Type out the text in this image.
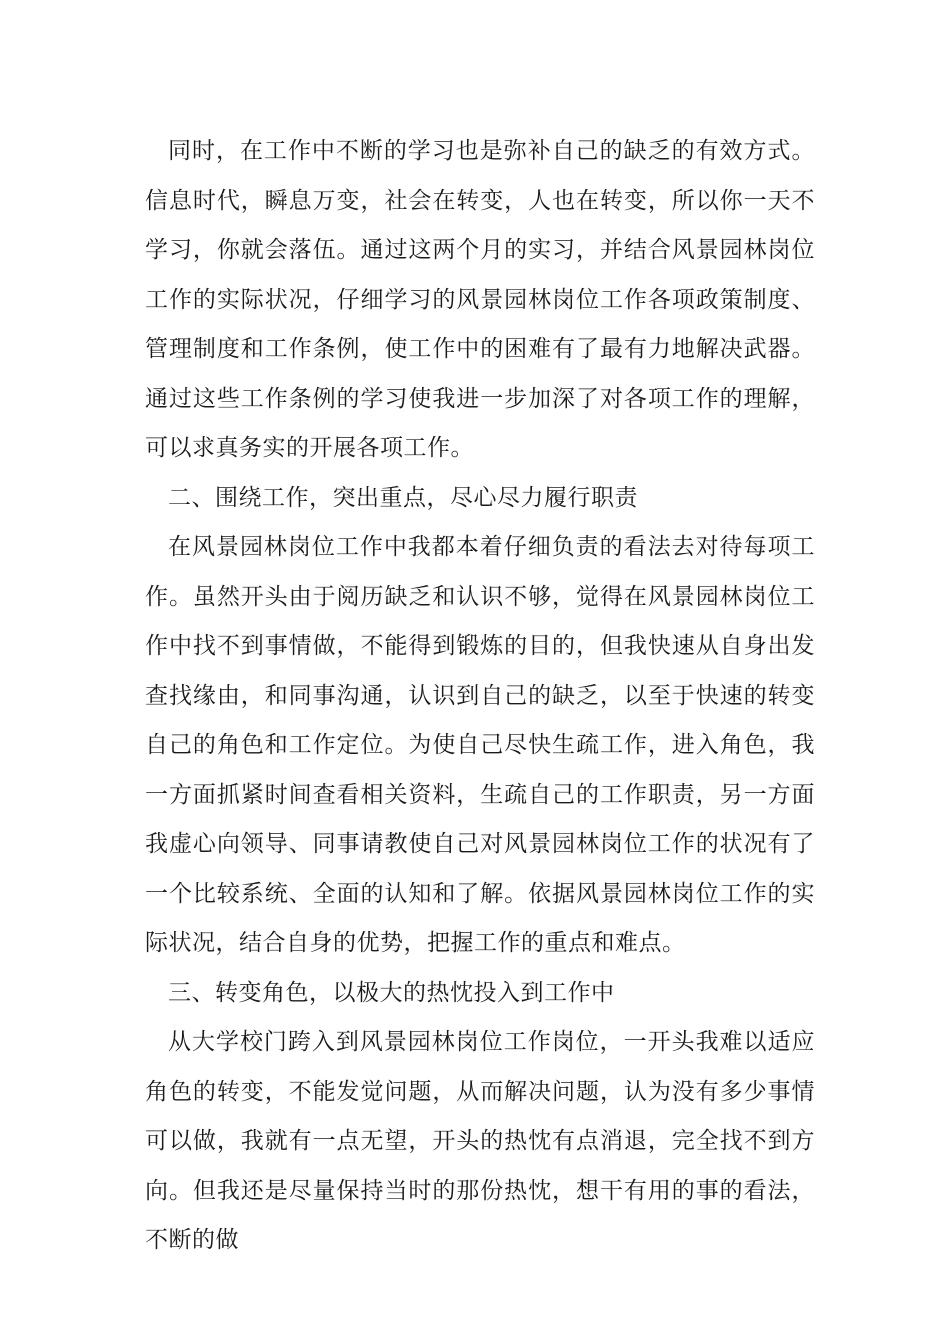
同时，在工作中不断的学习也是弥补自己的缺乏的有效方式。信息时代，瞬息万变，社会在转变，人也在转变，所以你一天不学习，你就会落伍。通过这两个月的实习，并结合风景园林岗位工作的实际状况，仔细学习的风景园林岗位工作各项政策制度、管理制度和工作条例，使工作中的困难有了最有力地解决武器。通过这些工作条例的学习使我进一步加深了对各项工作的理解，可以求真务实的开展各项工作。

二、围绕工作，突出重点，尽心尽力履行职责

在风景园林岗位工作中我都本着仔细负责的看法去对待每项工作。虽然开头由于阅历缺乏和认识不够，觉得在风景园林岗位工作中找不到事情做，不能得到锻炼的目的，但我快速从自身出发查找缘由，和同事沟通，认识到自己的缺乏，以至于快速的转变自己的角色和工作定位。为使自己尽快生疏工作，进入角色，我一方面抓紧时间查看相关资料，生疏自己的工作职责，另一方面我虚心向领导、同事请教使自己对风景园林岗位工作的状况有了一个比较系统、全面的认知和了解。依据风景园林岗位工作的实际状况，结合自身的优势，把握工作的重点和难点。

三、转变角色，以极大的热忱投入到工作中

从大学校门跨入到风景园林岗位工作岗位，一开头我难以适应角色的转变，不能发觉问题，从而解决问题，认为没有多少事情可以做，我就有一点无望，开头的热忱有点消退，完全找不到方向。但我还是尽量保持当时的那份热忱，想干有用的事的看法，不断的做
